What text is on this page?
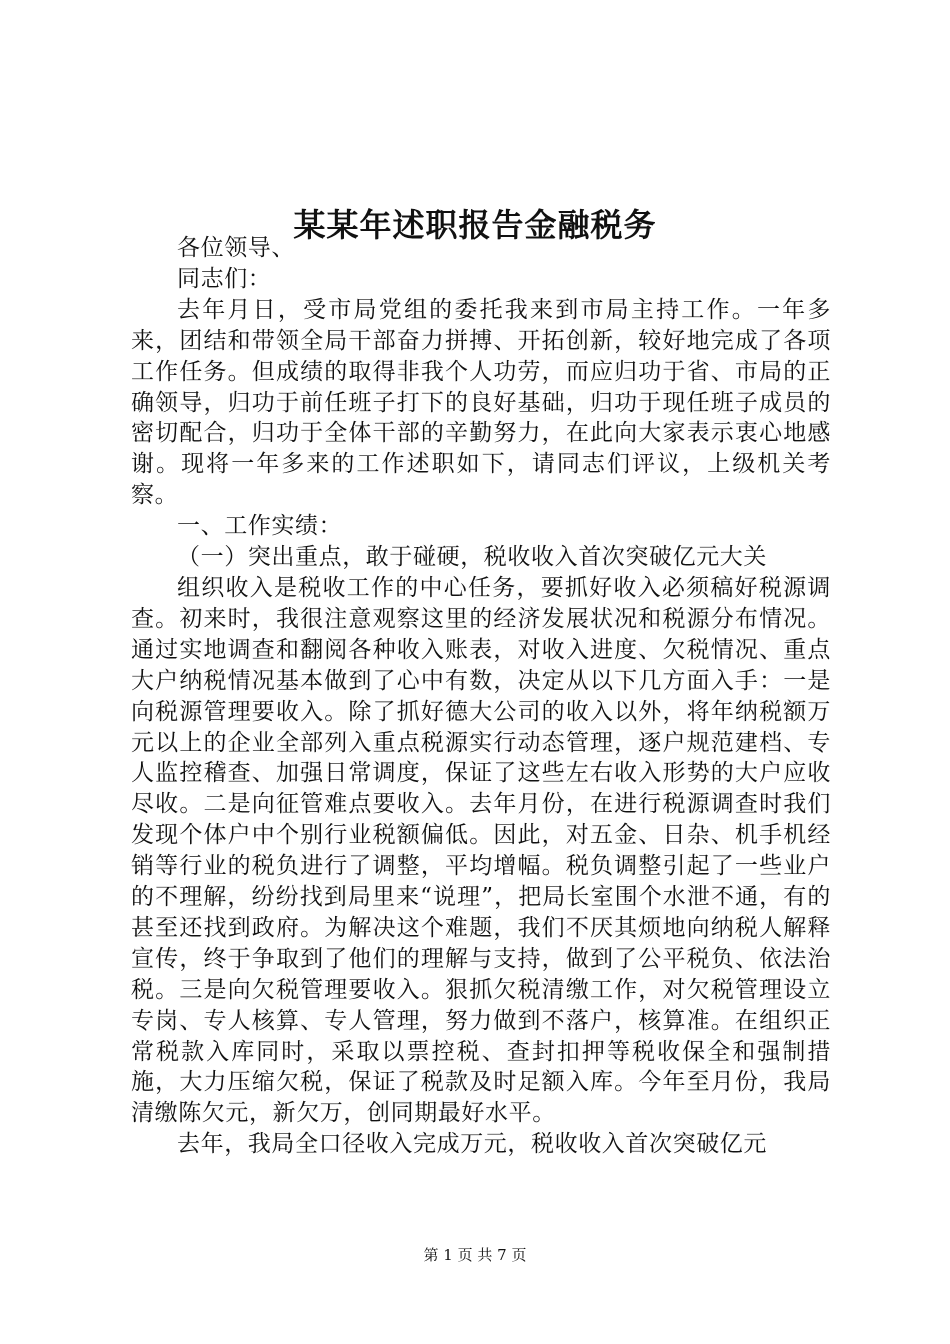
某某年述职报告金融税务

各位领导、

同志们：

去年月日，受市局党组的委托我来到市局主持工作。一年多来，团结和带领全局干部奋力拼搏、开拓创新，较好地完成了各项工作任务。但成绩的取得非我个人功劳，而应归功于省、市局的正确领导，归功于前任班子打下的良好基础，归功于现任班子成员的密切配合，归功于全体干部的辛勤努力，在此向大家表示衷心地感谢。现将一年多来的工作述职如下，请同志们评议，上级机关考察。

一、工作实绩：

（一）突出重点，敢于碰硬，税收收入首次突破亿元大关

组织收入是税收工作的中心任务，要抓好收入必须稿好税源调查。初来时，我很注意观察这里的经济发展状况和税源分布情况。通过实地调查和翻阅各种收入账表，对收入进度、欠税情况、重点大户纳税情况基本做到了心中有数，决定从以下几方面入手：一是向税源管理要收入。除了抓好德大公司的收入以外，将年纳税额万元以上的企业全部列入重点税源实行动态管理，逐户规范建档、专人监控稽查、加强日常调度，保证了这些左右收入形势的大户应收尽收。二是向征管难点要收入。去年月份，在进行税源调查时我们发现个体户中个别行业税额偏低。因此，对五金、日杂、机手机经销等行业的税负进行了调整，平均增幅。税负调整引起了一些业户的不理解，纷纷找到局里来“说理”，把局长室围个水泄不通，有的甚至还找到政府。为解决这个难题，我们不厌其烦地向纳税人解释宣传，终于争取到了他们的理解与支持，做到了公平税负、依法治税。三是向欠税管理要收入。狠抓欠税清缴工作，对欠税管理设立专岗、专人核算、专人管理，努力做到不落户，核算准。在组织正常税款入库同时，采取以票控税、查封扣押等税收保全和强制措施，大力压缩欠税，保证了税款及时足额入库。今年至月份，我局清缴陈欠元，新欠万，创同期最好水平。

去年，我局全口径收入完成万元，税收收入首次突破亿元

第 1 页 共 7 页
